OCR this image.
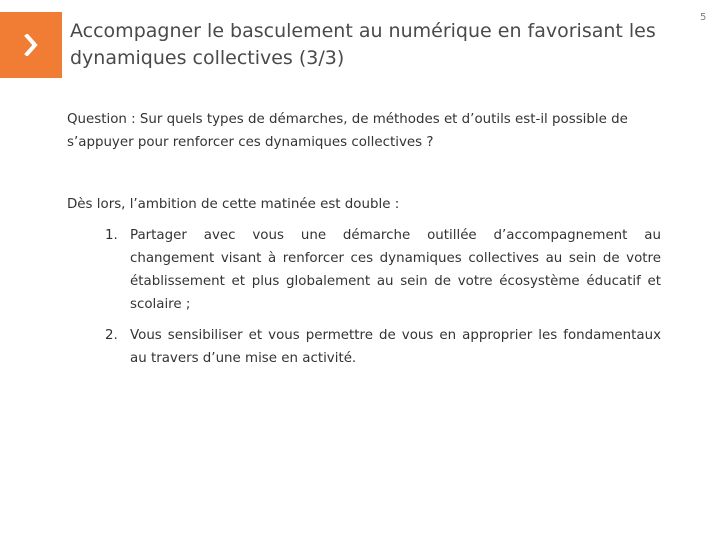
Accompagner le basculement au numérique en favorisant les dynamiques collectives (3/3)
5

Question : Sur quels types de démarches, de méthodes et d’outils est-il possible de s’appuyer pour renforcer ces dynamiques collectives ?

Dès lors, l’ambition de cette matinée est double :

1. Partager avec vous une démarche outillée d’accompagnement au changement visant à renforcer ces dynamiques collectives au sein de votre établissement et plus globalement au sein de votre écosystème éducatif et scolaire ;
2. Vous sensibiliser et vous permettre de vous en approprier les fondamentaux au travers d’une mise en activité.
